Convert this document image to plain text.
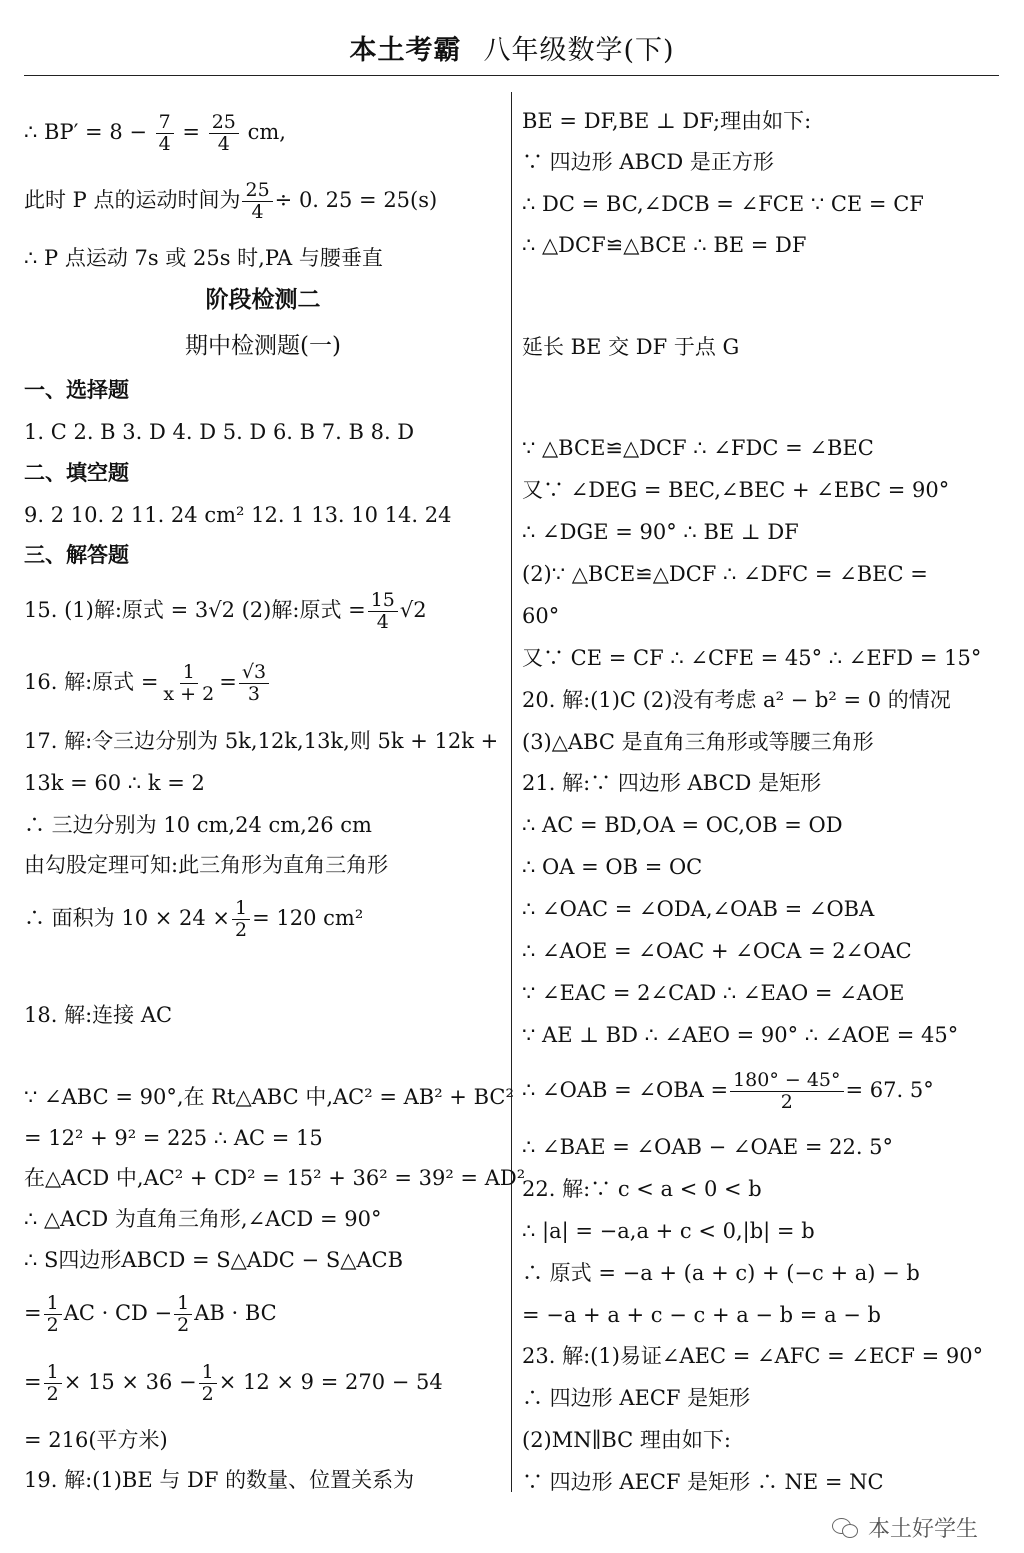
本土考霸 八年级数学(下)
∴ $BP' = 8 - \frac{7}{4} = \frac{25}{4}$ cm,
此时 P 点的运动时间为 $\frac{25}{4} \div 0$. 25 = 25(s)
∴ P 点运动 7s 或 25s 时,PA 与腰垂直
阶段检测二
期中检测题(一)
一、选择题
1. C 2. B 3. D 4. D 5. D 6. B 7. B 8. D
二、填空题
9. 2 10. 2 11. 24 cm² 12. 1 13. 10 14. 24
三、解答题
15. (1)解:原式 = 3√2 (2)解:原式 = $\frac{15}{4} √2$
16. 解:原式 = $\frac{1}{x + 2} = \frac{√3}{3}$
17. 解:令三边分别为 5k,12k,13k,则 5k + 12k +
13k = 60 ∴ k = 2
∴ 三边分别为 10 cm,24 cm,26 cm
由勾股定理可知:此三角形为直角三角形
∴ 面积为 $10 \times 24 \times \frac{1}{2} = 120$ cm²
18. 解:连接 AC
∵ ∠ABC = 90°,在 Rt△ABC 中,AC² = AB² + BC²
= 12² + 9² = 225 ∴ AC = 15
在△ACD 中,AC² + CD² = 15² + 36² = 39² = AD²
∴ △ACD 为直角三角形,∠ACD = 90°
∴ S四边形ABCD = S△ADC − S△ACB
= $\frac{1}{2}$ AC · CD − $\frac{1}{2}$ AB · BC
= $\frac{1}{2} \times 15 \times 36 - \frac{1}{2} \times 12 \times 9 = 270 - 54$
= 216(平方米)
19. 解:(1)BE 与 DF 的数量、位置关系为
BE = DF,BE ⊥ DF;理由如下:
∵ 四边形 ABCD 是正方形
∴ DC = BC,∠DCB = ∠FCE ∵ CE = CF
∴ △DCF≌△BCE ∴ BE = DF
延长 BE 交 DF 于点 G
∵ △BCE≌△DCF ∴ ∠FDC = ∠BEC
又∵ ∠DEG = BEC,∠BEC + ∠EBC = 90°
∴ ∠DGE = 90° ∴ BE ⊥ DF
(2)∵ △BCE≌△DCF ∴ ∠DFC = ∠BEC =
60°
又∵ CE = CF ∴ ∠CFE = 45° ∴ ∠EFD = 15°
20. 解:(1)C (2)没有考虑 a² − b² = 0 的情况
(3)△ABC 是直角三角形或等腰三角形
21. 解:∵ 四边形 ABCD 是矩形
∴ AC = BD,OA = OC,OB = OD
∴ OA = OB = OC
∴ ∠OAC = ∠ODA,∠OAB = ∠OBA
∴ ∠AOE = ∠OAC + ∠OCA = 2∠OAC
∵ ∠EAC = 2∠CAD ∴ ∠EAO = ∠AOE
∵ AE ⊥ BD ∴ ∠AEO = 90° ∴ ∠AOE = 45°
∴ ∠OAB = ∠OBA = $\frac{180^\circ - 45^\circ}{2} = 67$. 5°
∴ ∠BAE = ∠OAB − ∠OAE = 22. 5°
22. 解:∵ c < a < 0 < b
∴ |a| = −a,a + c < 0,|b| = b
∴ 原式 = −a + (a + c) + (−c + a) − b
= −a + a + c − c + a − b = a − b
23. 解:(1)易证∠AEC = ∠AFC = ∠ECF = 90°
∴ 四边形 AECF 是矩形
(2)MN∥BC 理由如下:
∵ 四边形 AECF 是矩形 ∴ NE = NC
本土好学生
